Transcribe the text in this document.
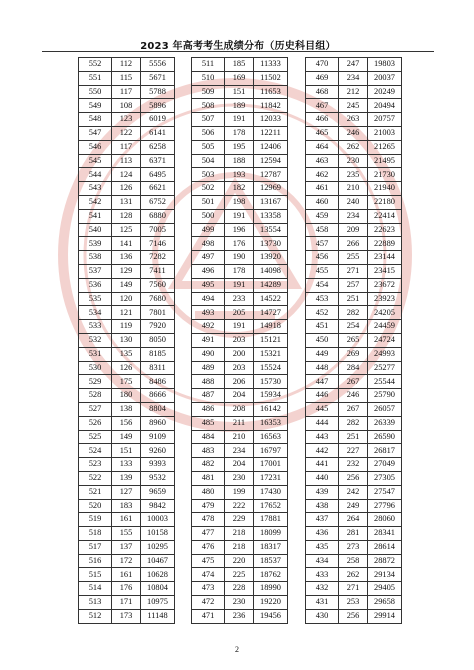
2023 年高考考生成绩分布（历史科目组）
552	112	5556
551	115	5671
550	117	5788
549	108	5896
548	123	6019
547	122	6141
546	117	6258
545	113	6371
544	124	6495
543	126	6621
542	131	6752
541	128	6880
540	125	7005
539	141	7146
538	136	7282
537	129	7411
536	149	7560
535	120	7680
534	121	7801
533	119	7920
532	130	8050
531	135	8185
530	126	8311
529	175	8486
528	180	8666
527	138	8804
526	156	8960
525	149	9109
524	151	9260
523	133	9393
522	139	9532
521	127	9659
520	183	9842
519	161	10003
518	155	10158
517	137	10295
516	172	10467
515	161	10628
514	176	10804
513	171	10975
512	173	11148
511	185	11333
510	169	11502
509	151	11653
508	189	11842
507	191	12033
506	178	12211
505	195	12406
504	188	12594
503	193	12787
502	182	12969
501	198	13167
500	191	13358
499	196	13554
498	176	13730
497	190	13920
496	178	14098
495	191	14289
494	233	14522
493	205	14727
492	191	14918
491	203	15121
490	200	15321
489	203	15524
488	206	15730
487	204	15934
486	208	16142
485	211	16353
484	210	16563
483	234	16797
482	204	17001
481	230	17231
480	199	17430
479	222	17652
478	229	17881
477	218	18099
476	218	18317
475	220	18537
474	225	18762
473	228	18990
472	230	19220
471	236	19456
470	247	19803
469	234	20037
468	212	20249
467	245	20494
466	263	20757
465	246	21003
464	262	21265
463	230	21495
462	235	21730
461	210	21940
460	240	22180
459	234	22414
458	209	22623
457	266	22889
456	255	23144
455	271	23415
454	257	23672
453	251	23923
452	282	24205
451	254	24459
450	265	24724
449	269	24993
448	284	25277
447	267	25544
446	246	25790
445	267	26057
444	282	26339
443	251	26590
442	227	26817
441	232	27049
440	256	27305
439	242	27547
438	249	27796
437	264	28060
436	281	28341
435	273	28614
434	258	28872
433	262	29134
432	271	29405
431	253	29658
430	256	29914
2
